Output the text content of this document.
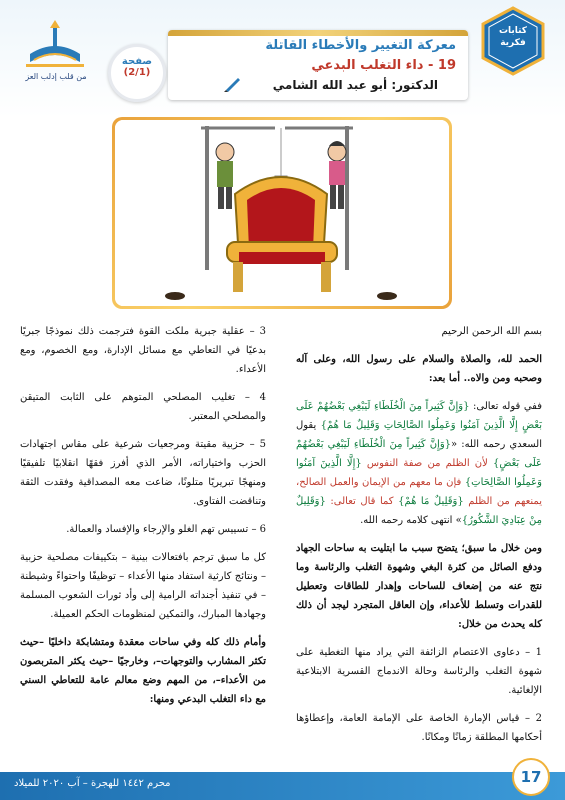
من قلب إدلب العز
معركة التغيير والأخطاء القاتلة
19 - داء التغلب البدعي
الدكتور: أبو عبد الله الشامي
كتابات
فكرية
صفحة
(2/1)

بسم الله الرحمن الرحيم

الحمد لله، والصلاة والسلام على رسول الله، وعلى آله وصحبه ومن والاه.. أما بعد:

ففي قوله تعالى: {وَإِنَّ كَثِيراً مِنَ الْخُلَطَاءِ لَيَبْغِي بَعْضُهُمْ عَلَى بَعْضٍ إِلَّا الَّذِينَ آمَنُوا وَعَمِلُوا الصَّالِحَاتِ وَقَلِيلٌ مَا هُمْ} يقول السعدي رحمه الله: «{وَإِنَّ كَثِيراً مِنَ الْخُلَطَاءِ لَيَبْغِي بَعْضُهُمْ عَلَى بَعْضٍ} لأن الظلم من صفة النفوس {إِلَّا الَّذِينَ آمَنُوا وَعَمِلُوا الصَّالِحَاتِ} فإن ما معهم من الإيمان والعمل الصالح، يمنعهم من الظلم {وَقَلِيلٌ مَا هُمْ} كما قال تعالى: {وَقَلِيلٌ مِنْ عِبَادِيَ الشَّكُورُ}» انتهى كلامه رحمه الله.

ومن خلال ما سبق؛ يتضح سبب ما ابتليت به ساحات الجهاد ودفع الصائل من كثرة البغي وشهوة التغلب والرئاسة وما نتج عنه من إضعاف للساحات وإهدار للطاقات وتعطيل للقدرات وتسلط للأعداء، وإن العاقل المتجرد ليجد أن ذلك كله يحدث من خلال:

1 – دعاوى الاعتصام الزائفة التي يراد منها التغطية على شهوة التغلب والرئاسة وحالة الاندماج القسرية الابتلاعية الإلغائية.

2 – قياس الإمارة الخاصة على الإمامة العامة، وإعطاؤها أحكامها المطلقة زمانًا ومكانًا.

3 – عقلية جبرية ملكت القوة فترجمت ذلك نموذجًا جبريًا بدعيًا في التعاطي مع مسائل الإدارة، ومع الخصوم، ومع الأعداء.

4 – تغليب المصلحي المتوهم على الثابت المتيقن والمصلحي المعتبر.

5 – حزبية مقيتة ومرجعيات شرعية على مقاس اجتهادات الحزب واختياراته، الأمر الذي أفرز فقهًا انقلابيًا تلفيقيًا ومنهجًا تبريريًا متلونًا، ضاعت معه المصداقية وفقدت الثقة وتناقضت الفتاوى.

6 – تسييس تهم الغلو والإرجاء والإفساد والعمالة.

كل ما سبق ترجم بافتعالات بينية – بتكييفات مصلحية حزبية – ونتائج كارثية استفاد منها الأعداء – توظيفًا واحتواءً وشيطنة – في تنفيذ أجنداته الرامية إلى وأد ثورات الشعوب المسلمة وجهادها المبارك، والتمكين لمنظومات الحكم العميلة.

وأمام ذلك كله وفي ساحات معقدة ومتشابكة داخليًا –حيث تكثر المشارب والتوجهات–، وخارجيًا –حيث يكثر المتربصون من الأعداء–، من المهم وضع معالم عامة للتعاطي السني مع داء التغلب البدعي ومنها:

محرم ١٤٤٢ للهجرة – آب ٢٠٢٠ للميلاد	17
